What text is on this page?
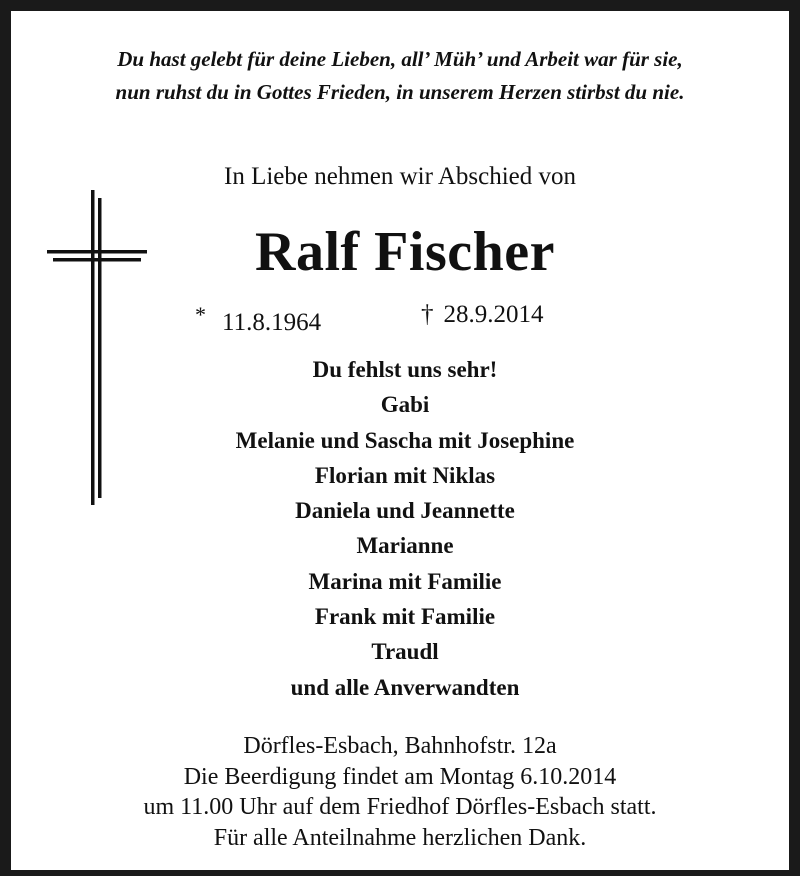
Du hast gelebt für deine Lieben, all’ Müh’ und Arbeit war für sie,
nun ruhst du in Gottes Frieden, in unserem Herzen stirbst du nie.
In Liebe nehmen wir Abschied von
Ralf Fischer
* 11.8.1964	† 28.9.2014
Du fehlst uns sehr!
Gabi
Melanie und Sascha mit Josephine
Florian mit Niklas
Daniela und Jeannette
Marianne
Marina mit Familie
Frank mit Familie
Traudl
und alle Anverwandten
Dörfles-Esbach, Bahnhofstr. 12a
Die Beerdigung findet am Montag 6.10.2014
um 11.00 Uhr auf dem Friedhof Dörfles-Esbach statt.
Für alle Anteilnahme herzlichen Dank.
